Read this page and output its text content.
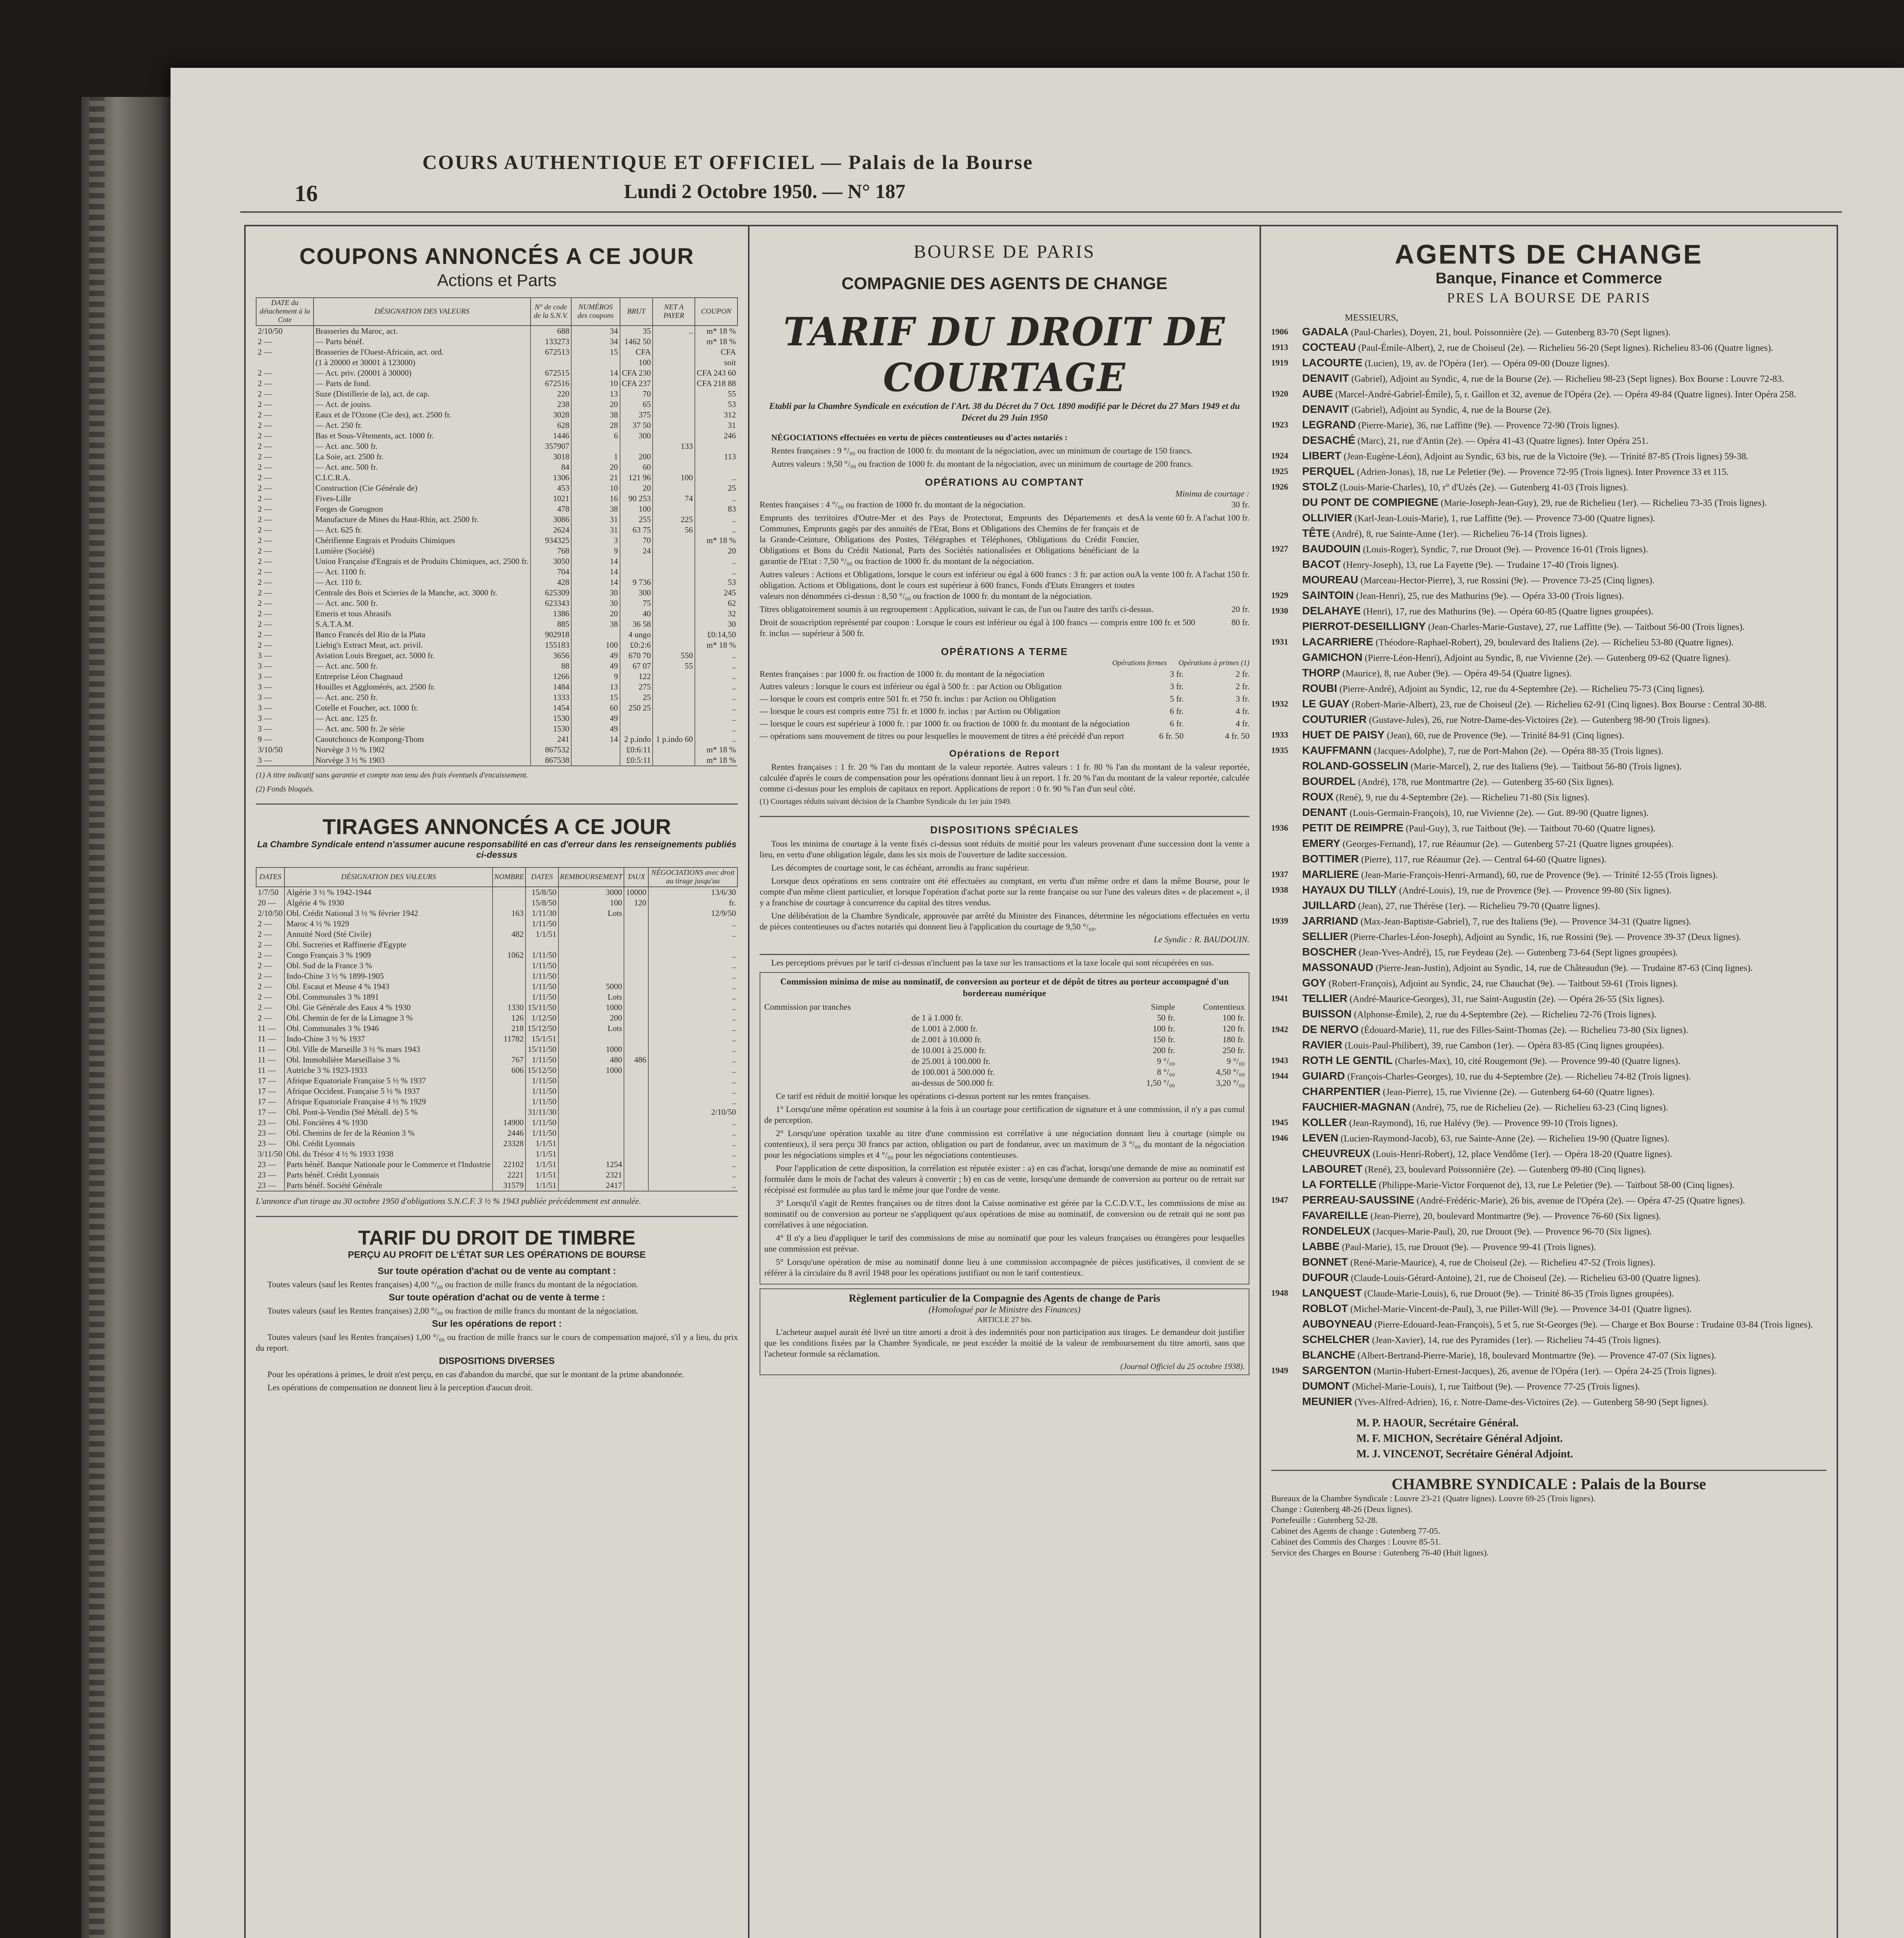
16
COURS AUTHENTIQUE ET OFFICIEL — Palais de la Bourse
Lundi 2 Octobre 1950. — N° 187
COUPONS ANNONCÉS A CE JOUR
Actions et Parts
DATE du détachement à la Cote	DÉSIGNATION DES VALEURS	N° de code de la S.N.V.	NUMÉROS des coupons	BRUT	NET A PAYER	COUPON
2/10/50	Brasseries du Maroc, act.	688	34	35	..	m* 18 %
2 —	— Parts bénéf.	133273	34	1462 50		m* 18 %
2 —	Brasseries de l'Ouest-Africain, act. ord.	672513	15	CFA		CFA
	(1 à 20000 et 30001 à 123000)			100		soit
2 —	— Act. priv. (20001 à 30000)	672515	14	CFA 230		CFA 243 60
2 —	— Parts de fond.	672516	10	CFA 237		CFA 218 88
2 —	Suze (Distillerie de la), act. de cap.	220	13	70		55
2 —	— Act. de jouiss.	238	20	65		53
2 —	Eaux et de l'Ozone (Cie des), act. 2500 fr.	3028	38	375		312
2 —	— Act. 250 fr.	628	28	37 50		31
2 —	Bas et Sous-Vêtements, act. 1000 fr.	1446	6	300		246
2 —	— Act. anc. 500 fr.	357907			133	
2 —	La Soie, act. 2500 fr.	3018	1	200		113
2 —	— Act. anc. 500 fr.	84	20	60		
2 —	C.I.C.R.A.	1306	21	121 96	100	..
2 —	Construction (Cie Générale de)	453	10	20		25
2 —	Fives-Lille	1021	16	90 253	74	..
2 —	Forges de Gueugnon	478	38	100		83
2 —	Manufacture de Mines du Haut-Rhin, act. 2500 fr.	3086	31	255	225	..
2 —	— Act. 625 fr.	2624	31	63 75	56	..
2 —	Chérifienne Engrais et Produits Chimiques	934325	3	70		m* 18 %
2 —	Lumière (Société)	768	9	24		20
2 —	Union Française d'Engrais et de Produits Chimiques, act. 2500 fr.	3050	14			..
2 —	— Act. 1100 fr.	704	14			..
2 —	— Act. 110 fr.	428	14	9 736		53
2 —	Centrale des Bois et Scieries de la Manche, act. 3000 fr.	625309	30	300		245
2 —	— Act. anc. 500 fr.	623343	30	75		62
2 —	Emeris et tous Abrasifs	1386	20	40		32
2 —	S.A.T.A.M.	885	38	36 58		30
2 —	Banco Francés del Rio de la Plata	902918		4 ungo		£0:14,50
2 —	Liebig's Extract Meat, act. privil.	155183	100	£0:2:6		m* 18 %
3 —	Aviation Louis Breguet, act. 5000 fr.	3656	49	670 70	550	..
3 —	— Act. anc. 500 fr.	88	49	67 07	55	..
3 —	Entreprise Léon Chagnaud	1266	9	122		..
3 —	Houilles et Agglomérés, act. 2500 fr.	1484	13	275		..
3 —	— Act. anc. 250 fr.	1333	15	25		..
3 —	Cotelle et Foucher, act. 1000 fr.	1454	60	250 25		..
3 —	— Act. anc. 125 fr.	1530	49			..
3 —	— Act. anc. 500 fr. 2e série	1530	49			..
9 —	Caoutchoucs de Kompong-Thom	241	14	2 p.indo	1 p.indo 60	..
3/10/50	Norvège 3 ½ % 1902	867532		£0:6:11		m* 18 %
3 —	Norvège 3 ½ % 1903	867538		£0:5:11		m* 18 %
(1) A titre indicatif sans garantie et compte non tenu des frais éventuels d'encaissement.
(2) Fonds bloqués.
TIRAGES ANNONCÉS A CE JOUR
La Chambre Syndicale entend n'assumer aucune responsabilité en cas d'erreur dans les renseignements publiés ci-dessus
DATES	DÉSIGNATION DES VALEURS	NOMBRE	DATES	REMBOURSEMENT	TAUX	NÉGOCIATIONS avec droit au tirage jusqu'au
1/7/50	Algérie 3 ½ % 1942-1944		15/8/50	3000	10000	13/6/30
20 —	Algérie 4 % 1930		15/8/50	100	120	fr.
2/10/50	Obl. Crédit National 3 ½ % février 1942	163	1/11/30	Lots		12/9/50
2 —	Maroc 4 ½ % 1929		1/11/50			..
2 —	Annuité Nord (Sté Civile)	482	1/1/51			..
2 —	Obl. Sucreries et Raffinerie d'Egypte					
2 —	Congo Français 3 % 1909	1062	1/11/50			..
2 —	Obl. Sud de la France 3 %		1/11/50			..
2 —	Indo-Chine 3 ½ % 1899-1905		1/11/50			..
2 —	Obl. Escaut et Meuse 4 % 1943		1/11/50	5000		..
2 —	Obl. Communales 3 % 1891		1/11/50	Lots		..
2 —	Obl. Gie Générale des Eaux 4 % 1930	1330	15/11/50	1000		..
2 —	Obl. Chemin de fer de la Limagne 3 %	126	1/12/50	200		..
11 —	Obl. Communales 3 % 1946	218	15/12/50	Lots		..
11 —	Indo-Chine 3 ½ % 1937	11782	15/1/51			..
11 —	Obl. Ville de Marseille 3 ½ % mars 1943		15/11/50	1000		..
11 —	Obl. Immobilière Marseillaise 3 %	767	1/11/50	480	486	..
11 —	Autriche 3 % 1923-1933	606	15/12/50	1000		..
17 —	Afrique Equatoriale Française 5 ½ % 1937		1/11/50			..
17 —	Afrique Occident. Française 5 ½ % 1937		1/11/50			..
17 —	Afrique Equatoriale Française 4 ½ % 1929		1/11/50			..
17 —	Obl. Pont-à-Vendin (Sté Métall. de) 5 %		31/11/30			2/10/50
23 —	Obl. Foncières 4 % 1930	14900	1/11/50			..
23 —	Obl. Chemins de fer de la Réunion 3 %	2446	1/11/50			..
23 —	Obl. Crédit Lyonnais	23328	1/1/51			..
3/11/50	Obl. du Trésor 4 ½ % 1933 1938		1/1/51			..
23 —	Parts bénéf. Banque Nationale pour le Commerce et l'Industrie	22102	1/1/51	1254		..
23 —	Parts bénéf. Crédit Lyonnais	2221	1/1/51	2321		..
23 —	Parts bénéf. Société Générale	31579	1/1/51	2417		..
L'annonce d'un tirage au 30 octobre 1950 d'obligations S.N.C.F. 3 ½ % 1943 publiée précédemment est annulée.
TARIF DU DROIT DE TIMBRE
PERÇU AU PROFIT DE L'ÉTAT SUR LES OPÉRATIONS DE BOURSE
Sur toute opération d'achat ou de vente au comptant :
Toutes valeurs (sauf les Rentes françaises) 4,00 °/₀₀ ou fraction de mille francs du montant de la négociation.
Sur toute opération d'achat ou de vente à terme :
Toutes valeurs (sauf les Rentes françaises) 2,00 °/₀₀ ou fraction de mille francs du montant de la négociation.
Sur les opérations de report :
Toutes valeurs (sauf les Rentes françaises) 1,00 °/₀₀ ou fraction de mille francs sur le cours de compensation majoré, s'il y a lieu, du prix du report.
DISPOSITIONS DIVERSES
Pour les opérations à primes, le droit n'est perçu, en cas d'abandon du marché, que sur le montant de la prime abandonnée.
Les opérations de compensation ne donnent lieu à la perception d'aucun droit.
BOURSE DE PARIS
COMPAGNIE DES AGENTS DE CHANGE
TARIF DU DROIT DE COURTAGE
Etabli par la Chambre Syndicale en exécution de l'Art. 38 du Décret du 7 Oct. 1890 modifié par le Décret du 27 Mars 1949 et du Décret du 29 Juin 1950
NÉGOCIATIONS effectuées en vertu de pièces contentieuses ou d'actes notariés :
Rentes françaises : 9 °/₀₀ ou fraction de 1000 fr. du montant de la négociation, avec un minimum de courtage de 150 francs.
Autres valeurs : 9,50 °/₀₀ ou fraction de 1000 fr. du montant de la négociation, avec un minimum de courtage de 200 francs.
OPÉRATIONS AU COMPTANT
Minima de courtage :
Rentes françaises : 4 °/₀₀ ou fraction de 1000 fr. du montant de la négociation.	30 fr.
Emprunts des territoires d'Outre-Mer et des Pays de Protectorat, Emprunts des Départements et des Communes, Emprunts gagés par des annuités de l'Etat, Bons et Obligations des Chemins de fer français et de la Grande-Ceinture, Obligations des Postes, Télégraphes et Téléphones, Obligations du Crédit Foncier, Obligations et Bons du Crédit National, Parts des Sociétés nationalisées et Obligations bénéficiant de la garantie de l'Etat : 7,50 °/₀₀ ou fraction de 1000 fr. du montant de la négociation.
A la vente 60 fr. A l'achat 100 fr.
Autres valeurs : Actions et Obligations, lorsque le cours est inférieur ou égal à 600 francs : 3 fr. par action ou obligation. Actions et Obligations, dont le cours est supérieur à 600 francs, Fonds d'Etats Etrangers et toutes valeurs non dénommées ci-dessus : 8,50 °/₀₀ ou fraction de 1000 fr. du montant de la négociation.
A la vente 100 fr. A l'achat 150 fr.
Titres obligatoirement soumis à un regroupement : Application, suivant le cas, de l'un ou l'autre des tarifs ci-dessus.	20 fr.
Droit de souscription représenté par coupon : Lorsque le cours est inférieur ou égal à 100 francs — compris entre 100 fr. et 500 fr. inclus — supérieur à 500 fr.
80 fr.
OPÉRATIONS A TERME
Opérations fermes Opérations à primes (1)
Rentes françaises : par 1000 fr. ou fraction de 1000 fr. du montant de la négociation	3 fr.	2 fr.
Autres valeurs : lorsque le cours est inférieur ou égal à 500 fr. : par Action ou Obligation	3 fr.	2 fr.
— lorsque le cours est compris entre 501 fr. et 750 fr. inclus : par Action ou Obligation	5 fr.	3 fr.
— lorsque le cours est compris entre 751 fr. et 1000 fr. inclus : par Action ou Obligation	6 fr.	4 fr.
— lorsque le cours est supérieur à 1000 fr. : par 1000 fr. ou fraction de 1000 fr. du montant de la négociation	6 fr.	4 fr.
— opérations sans mouvement de titres ou pour lesquelles le mouvement de titres a été précédé d'un report	6 fr. 50	4 fr. 50
Opérations de Report
Rentes françaises : 1 fr. 20 % l'an du montant de la valeur reportée. Autres valeurs : 1 fr. 80 % l'an du montant de la valeur reportée, calculée d'après le cours de compensation pour les opérations donnant lieu à un report. 1 fr. 20 % l'an du montant de la valeur reportée, calculée comme ci-dessus pour les emplois de capitaux en report. Applications de report : 0 fr. 90 % l'an d'un seul côté.
(1) Courtages réduits suivant décision de la Chambre Syndicale du 1er juin 1949.
DISPOSITIONS SPÉCIALES
Tous les minima de courtage à la vente fixés ci-dessus sont réduits de moitié pour les valeurs provenant d'une succession dont la vente a lieu, en vertu d'une obligation légale, dans les six mois de l'ouverture de ladite succession.
Les décomptes de courtage sont, le cas échéant, arrondis au franc supérieur.
Lorsque deux opérations en sens contraire ont été effectuées au comptant, en vertu d'un même ordre et dans la même Bourse, pour le compte d'un même client particulier, et lorsque l'opération d'achat porte sur la rente française ou sur l'une des valeurs dites « de placement », il y a franchise de courtage à concurrence du capital des titres vendus.
Une délibération de la Chambre Syndicale, approuvée par arrêté du Ministre des Finances, détermine les négociations effectuées en vertu de pièces contentieuses ou d'actes notariés qui donnent lieu à l'application du courtage de 9,50 °/₀₀.
Le Syndic : R. BAUDOUIN.
Les perceptions prévues par le tarif ci-dessus n'incluent pas la taxe sur les transactions et la taxe locale qui sont récupérées en sus.
Commission minima de mise au nominatif, de conversion au porteur et de dépôt de titres au porteur accompagné d'un bordereau numérique
Commission par tranches	Simple	Contentieux
de 1 à 1.000 fr.	50 fr.	100 fr.
de 1.001 à 2.000 fr.	100 fr.	120 fr.
de 2.001 à 10.000 fr.	150 fr.	180 fr.
de 10.001 à 25.000 fr.	200 fr.	250 fr.
de 25.001 à 100.000 fr.	9 °/₀₀	9 °/₀₀
de 100.001 à 500.000 fr.	8 °/₀₀	4,50 °/₀₀
au-dessus de 500.000 fr.	1,50 °/₀₀	3,20 °/₀₀
Ce tarif est réduit de moitié lorsque les opérations ci-dessus portent sur les rentes françaises.
1° Lorsqu'une même opération est soumise à la fois à un courtage pour certification de signature et à une commission, il n'y a pas cumul de perception.
2° Lorsqu'une opération taxable au titre d'une commission est corrélative à une négociation donnant lieu à courtage (simple ou contentieux), il sera perçu 30 francs par action, obligation ou part de fondateur, avec un maximum de 3 °/₀₀ du montant de la négociation pour les négociations simples et 4 °/₀₀ pour les négociations contentieuses.
Pour l'application de cette disposition, la corrélation est réputée exister : a) en cas d'achat, lorsqu'une demande de mise au nominatif est formulée dans le mois de l'achat des valeurs à convertir ; b) en cas de vente, lorsqu'une demande de conversion au porteur ou de retrait sur récépissé est formulée au plus tard le même jour que l'ordre de vente.
3° Lorsqu'il s'agit de Rentes françaises ou de titres dont la Caisse nominative est gérée par la C.C.D.V.T., les commissions de mise au nominatif ou de conversion au porteur ne s'appliquent qu'aux opérations de mise au nominatif, de conversion ou de retrait qui ne sont pas corrélatives à une négociation.
4° Il n'y a lieu d'appliquer le tarif des commissions de mise au nominatif que pour les valeurs françaises ou étrangères pour lesquelles une commission est prévue.
5° Lorsqu'une opération de mise au nominatif donne lieu à une commission accompagnée de pièces justificatives, il convient de se référer à la circulaire du 8 avril 1948 pour les opérations justifiant ou non le tarif contentieux.
Règlement particulier de la Compagnie des Agents de change de Paris
(Homologué par le Ministre des Finances)
ARTICLE 27 bis.
L'acheteur auquel aurait été livré un titre amorti a droit à des indemnités pour non participation aux tirages. Le demandeur doit justifier que les conditions fixées par la Chambre Syndicale, ne peut excéder la moitié de la valeur de remboursement du titre amorti, sans que l'acheteur formule sa réclamation.
(Journal Officiel du 25 octobre 1938).
AGENTS DE CHANGE
Banque, Finance et Commerce
PRES LA BOURSE DE PARIS
MESSIEURS,
1906	GADALA (Paul-Charles), Doyen, 21, boul. Poissonnière (2e). — Gutenberg 83-70 (Sept lignes).
1913	COCTEAU (Paul-Émile-Albert), 2, rue de Choiseul (2e). — Richelieu 56-20 (Sept lignes). Richelieu 83-06 (Quatre lignes).
1919	LACOURTE (Lucien), 19, av. de l'Opéra (1er). — Opéra 09-00 (Douze lignes).
DENAVIT (Gabriel), Adjoint au Syndic, 4, rue de la Bourse (2e). — Richelieu 98-23 (Sept lignes). Box Bourse : Louvre 72-83.
1920	AUBE (Marcel-André-Gabriel-Émile), 5, r. Gaillon et 32, avenue de l'Opéra (2e). — Opéra 49-84 (Quatre lignes). Inter Opéra 258.
DENAVIT (Gabriel), Adjoint au Syndic, 4, rue de la Bourse (2e).
1923	LEGRAND (Pierre-Marie), 36, rue Laffitte (9e). — Provence 72-90 (Trois lignes).
DESACHÉ (Marc), 21, rue d'Antin (2e). — Opéra 41-43 (Quatre lignes). Inter Opéra 251.
1924	LIBERT (Jean-Eugène-Léon), Adjoint au Syndic, 63 bis, rue de la Victoire (9e). — Trinité 87-85 (Trois lignes) 59-38.
1925	PERQUEL (Adrien-Jonas), 18, rue Le Peletier (9e). — Provence 72-95 (Trois lignes). Inter Provence 33 et 115.
1926	STOLZ (Louis-Marie-Charles), 10, r° d'Uzès (2e). — Gutenberg 41-03 (Trois lignes).
DU PONT DE COMPIEGNE (Marie-Joseph-Jean-Guy), 29, rue de Richelieu (1er). — Richelieu 73-35 (Trois lignes).
OLLIVIER (Karl-Jean-Louis-Marie), 1, rue Laffitte (9e). — Provence 73-00 (Quatre lignes).
TÊTE (André), 8, rue Sainte-Anne (1er). — Richelieu 76-14 (Trois lignes).
1927	BAUDOUIN (Louis-Roger), Syndic, 7, rue Drouot (9e). — Provence 16-01 (Trois lignes).
BACOT (Henry-Joseph), 13, rue La Fayette (9e). — Trudaine 17-40 (Trois lignes).
MOUREAU (Marceau-Hector-Pierre), 3, rue Rossini (9e). — Provence 73-25 (Cinq lignes).
1929	SAINTOIN (Jean-Henri), 25, rue des Mathurins (9e). — Opéra 33-00 (Trois lignes).
1930	DELAHAYE (Henri), 17, rue des Mathurins (9e). — Opéra 60-85 (Quatre lignes groupées).
PIERROT-DESEILLIGNY (Jean-Charles-Marie-Gustave), 27, rue Laffitte (9e). — Taitbout 56-00 (Trois lignes).
1931	LACARRIERE (Théodore-Raphael-Robert), 29, boulevard des Italiens (2e). — Richelieu 53-80 (Quatre lignes).
GAMICHON (Pierre-Léon-Henri), Adjoint au Syndic, 8, rue Vivienne (2e). — Gutenberg 09-62 (Quatre lignes).
THORP (Maurice), 8, rue Auber (9e). — Opéra 49-54 (Quatre lignes).
ROUBI (Pierre-André), Adjoint au Syndic, 12, rue du 4-Septembre (2e). — Richelieu 75-73 (Cinq lignes).
1932	LE GUAY (Robert-Marie-Albert), 23, rue de Choiseul (2e). — Richelieu 62-91 (Cinq lignes). Box Bourse : Central 30-88.
COUTURIER (Gustave-Jules), 26, rue Notre-Dame-des-Victoires (2e). — Gutenberg 98-90 (Trois lignes).
1933	HUET DE PAISY (Jean), 60, rue de Provence (9e). — Trinité 84-91 (Cinq lignes).
1935	KAUFFMANN (Jacques-Adolphe), 7, rue de Port-Mahon (2e). — Opéra 88-35 (Trois lignes).
ROLAND-GOSSELIN (Marie-Marcel), 2, rue des Italiens (9e). — Taitbout 56-80 (Trois lignes).
BOURDEL (André), 178, rue Montmartre (2e). — Gutenberg 35-60 (Six lignes).
ROUX (René), 9, rue du 4-Septembre (2e). — Richelieu 71-80 (Six lignes).
DENANT (Louis-Germain-François), 10, rue Vivienne (2e). — Gut. 89-90 (Quatre lignes).
1936	PETIT DE REIMPRE (Paul-Guy), 3, rue Taitbout (9e). — Taitbout 70-60 (Quatre lignes).
EMERY (Georges-Fernand), 17, rue Réaumur (2e). — Gutenberg 57-21 (Quatre lignes groupées).
BOTTIMER (Pierre), 117, rue Réaumur (2e). — Central 64-60 (Quatre lignes).
1937	MARLIERE (Jean-Marie-François-Henri-Armand), 60, rue de Provence (9e). — Trinité 12-55 (Trois lignes).
1938	HAYAUX DU TILLY (André-Louis), 19, rue de Provence (9e). — Provence 99-80 (Six lignes).
JUILLARD (Jean), 27, rue Thérèse (1er). — Richelieu 79-70 (Quatre lignes).
1939	JARRIAND (Max-Jean-Baptiste-Gabriel), 7, rue des Italiens (9e). — Provence 34-31 (Quatre lignes).
SELLIER (Pierre-Charles-Léon-Joseph), Adjoint au Syndic, 16, rue Rossini (9e). — Provence 39-37 (Deux lignes).
BOSCHER (Jean-Yves-André), 15, rue Feydeau (2e). — Gutenberg 73-64 (Sept lignes groupées).
MASSONAUD (Pierre-Jean-Justin), Adjoint au Syndic, 14, rue de Châteaudun (9e). — Trudaine 87-63 (Cinq lignes).
GOY (Robert-François), Adjoint au Syndic, 24, rue Chauchat (9e). — Taitbout 59-61 (Trois lignes).
1941	TELLIER (André-Maurice-Georges), 31, rue Saint-Augustin (2e). — Opéra 26-55 (Six lignes).
BUISSON (Alphonse-Émile), 2, rue du 4-Septembre (2e). — Richelieu 72-76 (Trois lignes).
1942	DE NERVO (Édouard-Marie), 11, rue des Filles-Saint-Thomas (2e). — Richelieu 73-80 (Six lignes).
RAVIER (Louis-Paul-Philibert), 39, rue Cambon (1er). — Opéra 83-85 (Cinq lignes groupées).
1943	ROTH LE GENTIL (Charles-Max), 10, cité Rougemont (9e). — Provence 99-40 (Quatre lignes).
1944	GUIARD (François-Charles-Georges), 10, rue du 4-Septembre (2e). — Richelieu 74-82 (Trois lignes).
CHARPENTIER (Jean-Pierre), 15, rue Vivienne (2e). — Gutenberg 64-60 (Quatre lignes).
FAUCHIER-MAGNAN (André), 75, rue de Richelieu (2e). — Richelieu 63-23 (Cinq lignes).
1945	KOLLER (Jean-Raymond), 16, rue Halévy (9e). — Provence 99-10 (Trois lignes).
1946	LEVEN (Lucien-Raymond-Jacob), 63, rue Sainte-Anne (2e). — Richelieu 19-90 (Quatre lignes).
CHEUVREUX (Louis-Henri-Robert), 12, place Vendôme (1er). — Opéra 18-20 (Quatre lignes).
LABOURET (René), 23, boulevard Poissonnière (2e). — Gutenberg 09-80 (Cinq lignes).
LA FORTELLE (Philippe-Marie-Victor Forquenot de), 13, rue Le Peletier (9e). — Taitbout 58-00 (Cinq lignes).
1947	PERREAU-SAUSSINE (André-Frédéric-Marie), 26 bis, avenue de l'Opéra (2e). — Opéra 47-25 (Quatre lignes).
FAVAREILLE (Jean-Pierre), 20, boulevard Montmartre (9e). — Provence 76-60 (Six lignes).
RONDELEUX (Jacques-Marie-Paul), 20, rue Drouot (9e). — Provence 96-70 (Six lignes).
LABBE (Paul-Marie), 15, rue Drouot (9e). — Provence 99-41 (Trois lignes).
BONNET (René-Marie-Maurice), 4, rue de Choiseul (2e). — Richelieu 47-52 (Trois lignes).
DUFOUR (Claude-Louis-Gérard-Antoine), 21, rue de Choiseul (2e). — Richelieu 63-00 (Quatre lignes).
1948	LANQUEST (Claude-Marie-Louis), 6, rue Drouot (9e). — Trinité 86-35 (Trois lignes groupées).
ROBLOT (Michel-Marie-Vincent-de-Paul), 3, rue Pillet-Will (9e). — Provence 34-01 (Quatre lignes).
AUBOYNEAU (Pierre-Edouard-Jean-François), 5 et 5, rue St-Georges (9e). — Charge et Box Bourse : Trudaine 03-84 (Trois lignes).
SCHELCHER (Jean-Xavier), 14, rue des Pyramides (1er). — Richelieu 74-45 (Trois lignes).
BLANCHE (Albert-Bertrand-Pierre-Marie), 18, boulevard Montmartre (9e). — Provence 47-07 (Six lignes).
1949	SARGENTON (Martin-Hubert-Ernest-Jacques), 26, avenue de l'Opéra (1er). — Opéra 24-25 (Trois lignes).
DUMONT (Michel-Marie-Louis), 1, rue Taitbout (9e). — Provence 77-25 (Trois lignes).
MEUNIER (Yves-Alfred-Adrien), 16, r. Notre-Dame-des-Victoires (2e). — Gutenberg 58-90 (Sept lignes).
M. P. HAOUR, Secrétaire Général.
M. F. MICHON, Secrétaire Général Adjoint.
M. J. VINCENOT, Secrétaire Général Adjoint.
CHAMBRE SYNDICALE : Palais de la Bourse
Bureaux de la Chambre Syndicale : Louvre 23-21 (Quatre lignes). Louvre 69-25 (Trois lignes).
Change : Gutenberg 48-26 (Deux lignes).
Portefeuille : Gutenberg 52-28.
Cabinet des Agents de change : Gutenberg 77-05.
Cabinet des Commis des Charges : Louvre 85-51.
Service des Charges en Bourse : Gutenberg 76-40 (Huit lignes).
